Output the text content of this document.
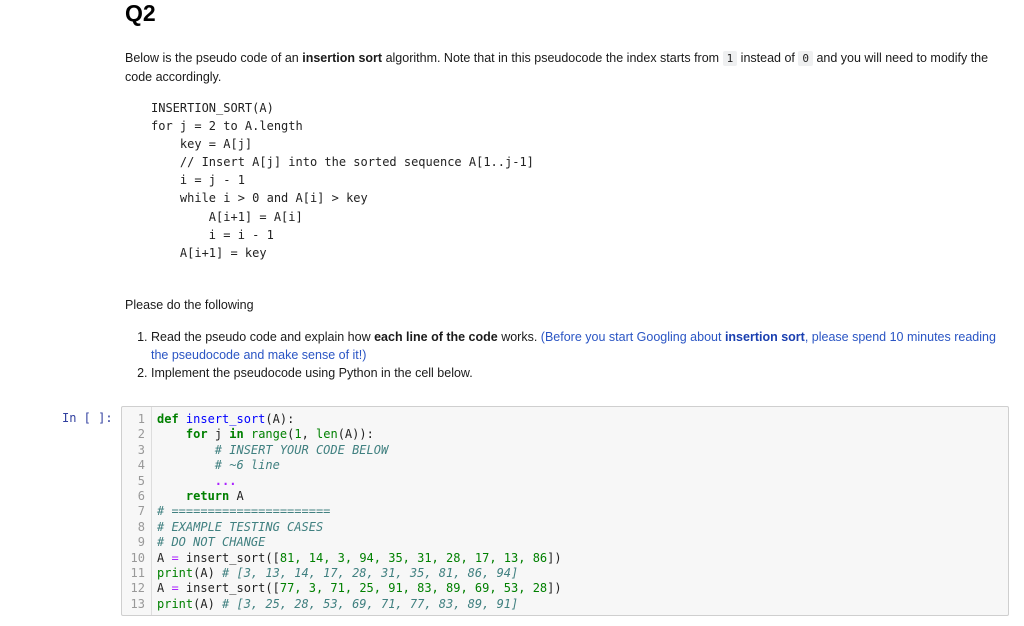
Q2
Below is the pseudo code of an insertion sort algorithm. Note that in this pseudocode the index starts from 1 instead of 0 and you will need to modify the code accordingly.
INSERTION_SORT(A)
for j = 2 to A.length
key = A[j]
// Insert A[j] into the sorted sequence A[1..j-1]
i = j - 1
while i > 0 and A[i] > key
A[i+1] = A[i]
i = i - 1
A[i+1] = key
Please do the following
1. Read the pseudo code and explain how each line of the code works. (Before you start Googling about insertion sort, please spend 10 minutes reading the pseudocode and make sense of it!)
2. Implement the pseudocode using Python in the cell below.
In [ ]: 1
2
3
4
5
6
7
8
9
10
11
12
13
def insert_sort(A):
for j in range(1, len(A)):
# INSERT YOUR CODE BELOW
# ~6 line
...
return A
# ======================
# EXAMPLE TESTING CASES
# DO NOT CHANGE
A = insert_sort([81, 14, 3, 94, 35, 31, 28, 17, 13, 86])
print(A) # [3, 13, 14, 17, 28, 31, 35, 81, 86, 94]
A = insert_sort([77, 3, 71, 25, 91, 83, 89, 69, 53, 28])
print(A) # [3, 25, 28, 53, 69, 71, 77, 83, 89, 91]
